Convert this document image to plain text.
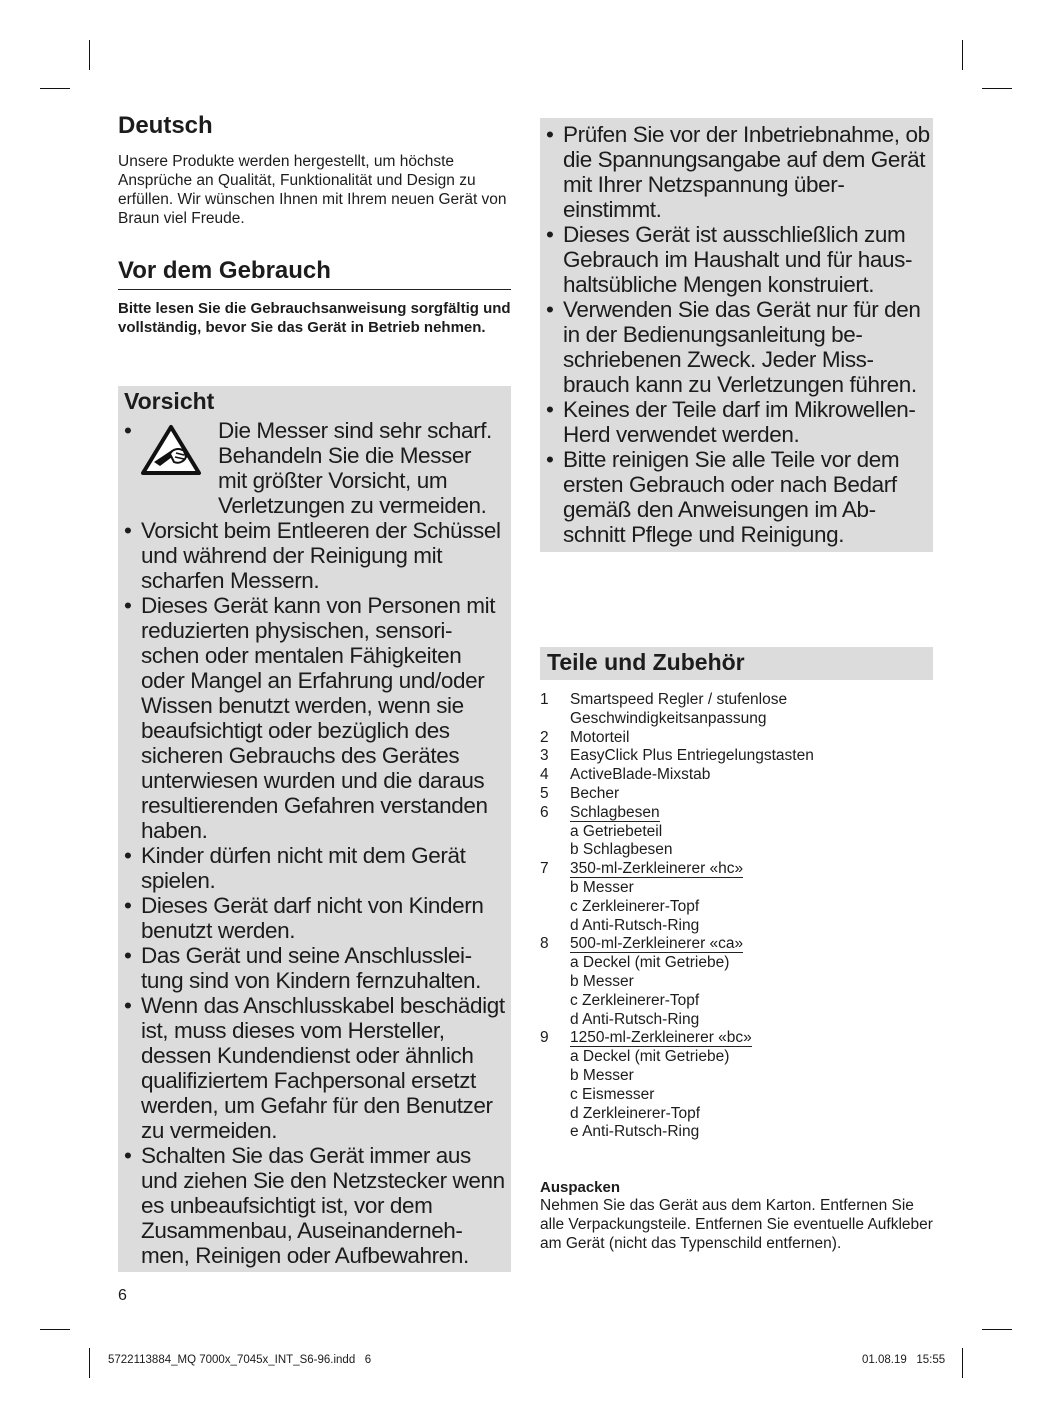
Deutsch
Unsere Produkte werden hergestellt, um höchste Ansprüche an Qualität, Funktionalität und Design zu erfüllen. Wir wünschen Ihnen mit Ihrem neuen Gerät von Braun viel Freude.
Vor dem Gebrauch
Bitte lesen Sie die Gebrauchsanweisung sorgfältig und vollständig, bevor Sie das Gerät in Betrieb nehmen.
Vorsicht
•	Die Messer sind sehr scharf. Behandeln Sie die Messer mit größter Vorsicht, um Verletzungen zu vermeiden.
• Vorsicht beim Entleeren der Schüssel und während der Reinigung mit scharfen Messern.
• Dieses Gerät kann von Personen mit reduzierten physischen, sensori-schen oder mentalen Fähigkeiten oder Mangel an Erfahrung und/oder Wissen benutzt werden, wenn sie beaufsichtigt oder bezüglich des sicheren Gebrauchs des Gerätes unterwiesen wurden und die daraus resultierenden Gefahren verstanden haben.
• Kinder dürfen nicht mit dem Gerät spielen.
• Dieses Gerät darf nicht von Kindern benutzt werden.
• Das Gerät und seine Anschlusslei-tung sind von Kindern fernzuhalten.
• Wenn das Anschlusskabel beschädigt ist, muss dieses vom Hersteller, dessen Kundendienst oder ähnlich qualifiziertem Fachpersonal ersetzt werden, um Gefahr für den Benutzer zu vermeiden.
• Schalten Sie das Gerät immer aus und ziehen Sie den Netzstecker wenn es unbeaufsichtigt ist, vor dem Zusammenbau, Auseinanderneh-men, Reinigen oder Aufbewahren.
6
• Prüfen Sie vor der Inbetriebnahme, ob die Spannungsangabe auf dem Gerät mit Ihrer Netzspannung über-einstimmt.
• Dieses Gerät ist ausschließlich zum Gebrauch im Haushalt und für haus-haltsübliche Mengen konstruiert.
• Verwenden Sie das Gerät nur für den in der Bedienungsanleitung be-schriebenen Zweck. Jeder Miss-brauch kann zu Verletzungen führen.
• Keines der Teile darf im Mikrowellen-Herd verwendet werden.
• Bitte reinigen Sie alle Teile vor dem ersten Gebrauch oder nach Bedarf gemäß den Anweisungen im Ab-schnitt Pflege und Reinigung.
Teile und Zubehör
1	Smartspeed Regler / stufenlose
Geschwindigkeitsanpassung
2	Motorteil
3	EasyClick Plus Entriegelungstasten
4	ActiveBlade-Mixstab
5	Becher
6	Schlagbesen
a Getriebeteil
b Schlagbesen
7	350-ml-Zerkleinerer «hc»
b Messer
c Zerkleinerer-Topf
d Anti-Rutsch-Ring
8	500-ml-Zerkleinerer «ca»
a Deckel (mit Getriebe)
b Messer
c Zerkleinerer-Topf
d Anti-Rutsch-Ring
9	1250-ml-Zerkleinerer «bc»
a Deckel (mit Getriebe)
b Messer
c Eismesser
d Zerkleinerer-Topf
e Anti-Rutsch-Ring
Auspacken
Nehmen Sie das Gerät aus dem Karton. Entfernen Sie alle Verpackungsteile. Entfernen Sie eventuelle Aufkleber am Gerät (nicht das Typenschild entfernen).
5722113884_MQ 7000x_7045x_INT_S6-96.indd   6	01.08.19   15:55
